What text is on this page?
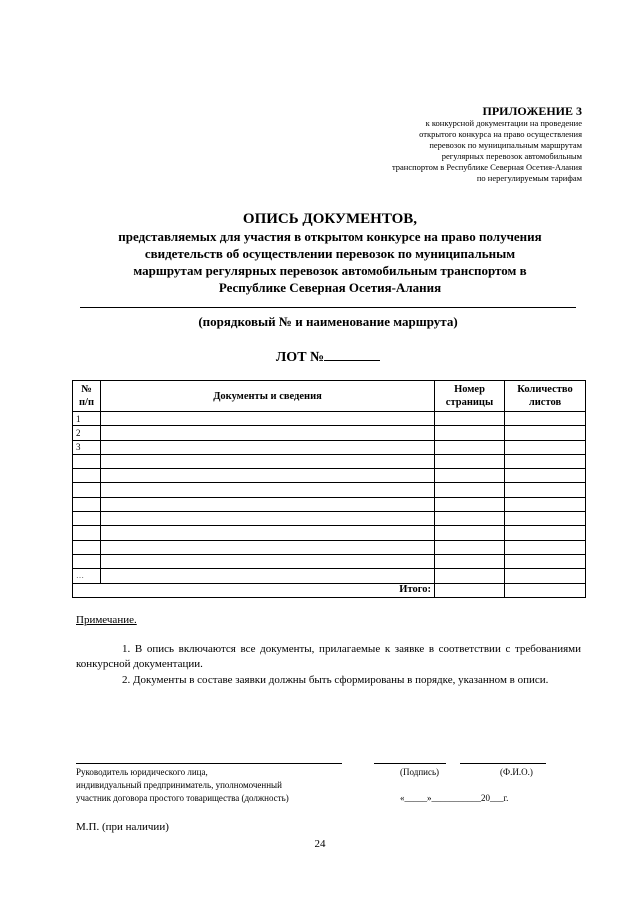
ПРИЛОЖЕНИЕ 3
к конкурсной документации на проведение
открытого конкурса на право осуществления
перевозок по муниципальным маршрутам
регулярных перевозок автомобильным
транспортом в Республике Северная Осетия-Алания
по нерегулируемым тарифам
ОПИСЬ ДОКУМЕНТОВ,
представляемых для участия в открытом конкурсе на право получения
свидетельств об осуществлении перевозок по муниципальным
маршрутам регулярных перевозок автомобильным транспортом в
Республике Северная Осетия-Алания
(порядковый № и наименование маршрута)
ЛОТ №
№ п/п	Документы и сведения	Номер страницы	Количество листов
1			
2			
3			

…			
	Итого:		
Примечание.
1. В опись включаются все документы, прилагаемые к заявке в соответствии с требованиями конкурсной документации.
2. Документы в составе заявки должны быть сформированы в порядке, указанном в описи.
Руководитель юридического лица,
индивидуальный предприниматель, уполномоченный
участник договора простого товарищества (должность)
(Подпись)	(Ф.И.О.)
«_____»___________20___г.
М.П. (при наличии)
24
